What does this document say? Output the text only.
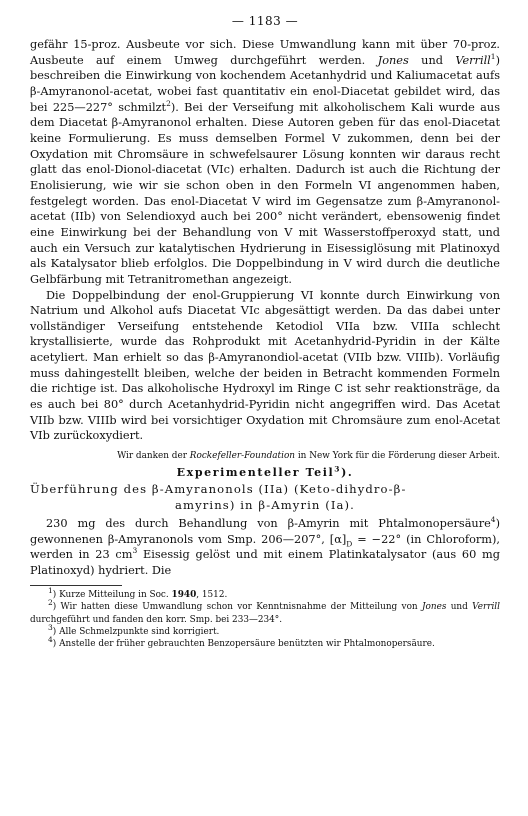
— 1183 —

gefähr 15-proz. Ausbeute vor sich. Diese Umwandlung kann mit über 70-proz. Ausbeute auf einem Umweg durchgeführt werden. Jones und Verrill$^1$) beschreiben die Einwirkung von kochendem Acetanhydrid und Kaliumacetat aufs β-Amyranonol-acetat, wobei fast quantitativ ein enol-Diacetat gebildet wird, das bei 225—227° schmilzt$^2$). Bei der Verseifung mit alkoholischem Kali wurde aus dem Diacetat β-Amyranonol erhalten. Diese Autoren geben für das enol-Diacetat keine Formulierung. Es muss demselben Formel V zukommen, denn bei der Oxydation mit Chromsäure in schwefelsaurer Lösung konnten wir daraus recht glatt das enol-Dionol-diacetat (VIc) erhalten. Dadurch ist auch die Richtung der Enolisierung, wie wir sie schon oben in den Formeln VI angenommen haben, festgelegt worden. Das enol-Diacetat V wird im Gegensatze zum β-Amyranonol-acetat (IIb) von Selendioxyd auch bei 200° nicht verändert, ebensowenig findet eine Einwirkung bei der Behandlung von V mit Wasserstoffperoxyd statt, und auch ein Versuch zur katalytischen Hydrierung in Eisessiglösung mit Platinoxyd als Katalysator blieb erfolglos. Die Doppelbindung in V wird durch die deutliche Gelbfärbung mit Tetranitromethan angezeigt.

Die Doppelbindung der enol-Gruppierung VI konnte durch Einwirkung von Natrium und Alkohol aufs Diacetat VIc abgesättigt werden. Da das dabei unter vollständiger Verseifung entstehende Ketodiol VIIa bzw. VIIIa schlecht krystallisierte, wurde das Rohprodukt mit Acetanhydrid-Pyridin in der Kälte acetyliert. Man erhielt so das β-Amyranondiol-acetat (VIIb bzw. VIIIb). Vorläufig muss dahingestellt bleiben, welche der beiden in Betracht kommenden Formeln die richtige ist. Das alkoholische Hydroxyl im Ringe C ist sehr reaktionsträge, da es auch bei 80° durch Acetanhydrid-Pyridin nicht angegriffen wird. Das Acetat VIIb bzw. VIIIb wird bei vorsichtiger Oxydation mit Chromsäure zum enol-Acetat VIb zurückoxydiert.

Wir danken der Rockefeller-Foundation in New York für die Förderung dieser Arbeit.

Experimenteller Teil$^3$).
Überführung des β-Amyranonols (IIa) (Keto-dihydro-β-
amyrins) in β-Amyrin (Ia).

230 mg des durch Behandlung von β-Amyrin mit Phtalmonopersäure$^4$) gewonnenen β-Amyranonols vom Smp. 206—207°, $[\alpha]_D = -22^\circ$ (in Chloroform), werden in 23 $cm^3$ Eisessig gelöst und mit einem Platinkatalysator (aus 60 mg Platinoxyd) hydriert. Die

$^1$) Kurze Mitteilung in Soc. 1940, 1512.
$^2$) Wir hatten diese Umwandlung schon vor Kenntnisnahme der Mitteilung von Jones und Verrill durchgeführt und fanden den korr. Smp. bei 233—234°.
$^3$) Alle Schmelzpunkte sind korrigiert.
$^4$) Anstelle der früher gebrauchten Benzopersäure benützten wir Phtalmonopersäure.
